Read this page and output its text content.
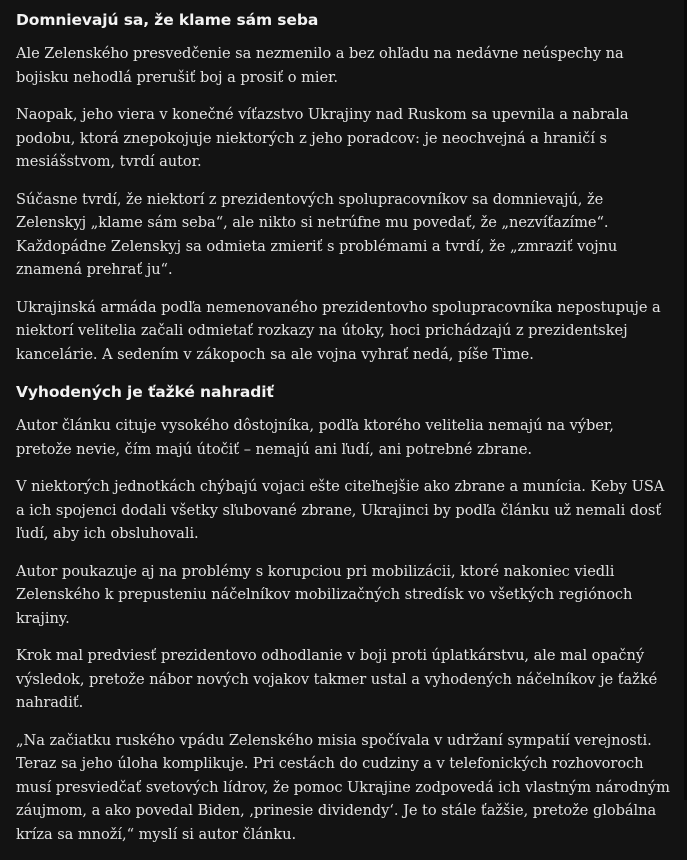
Domnievajú sa, že klame sám seba

Ale Zelenského presvedčenie sa nezmenilo a bez ohľadu na nedávne neúspechy na bojisku nehodlá prerušiť boj a prosiť o mier.

Naopak, jeho viera v konečné víťazstvo Ukrajiny nad Ruskom sa upevnila a nabrala podobu, ktorá znepokojuje niektorých z jeho poradcov: je neochvejná a hraničí s mesiášstvom, tvrdí autor.

Súčasne tvrdí, že niektorí z prezidentových spolupracovníkov sa domnievajú, že Zelenskyj „klame sám seba“, ale nikto si netrúfne mu povedať, že „nezvíťazíme“. Každopádne Zelenskyj sa odmieta zmieriť s problémami a tvrdí, že „zmraziť vojnu znamená prehrať ju“.

Ukrajinská armáda podľa nemenovaného prezidentovho spolupracovníka nepostupuje a niektorí velitelia začali odmietať rozkazy na útoky, hoci prichádzajú z prezidentskej kancelárie. A sedením v zákopoch sa ale vojna vyhrať nedá, píše Time.

Vyhodených je ťažké nahradiť

Autor článku cituje vysokého dôstojníka, podľa ktorého velitelia nemajú na výber, pretože nevie, čím majú útočiť – nemajú ani ľudí, ani potrebné zbrane.

V niektorých jednotkách chýbajú vojaci ešte citeľnejšie ako zbrane a munícia. Keby USA a ich spojenci dodali všetky sľubované zbrane, Ukrajinci by podľa článku už nemali dosť ľudí, aby ich obsluhovali.

Autor poukazuje aj na problémy s korupciou pri mobilizácii, ktoré nakoniec viedli Zelenského k prepusteniu náčelníkov mobilizačných stredísk vo všetkých regiónoch krajiny.

Krok mal predviesť prezidentovo odhodlanie v boji proti úplatkárstvu, ale mal opačný výsledok, pretože nábor nových vojakov takmer ustal a vyhodených náčelníkov je ťažké nahradiť.

„Na začiatku ruského vpádu Zelenského misia spočívala v udržaní sympatií verejnosti. Teraz sa jeho úloha komplikuje. Pri cestách do cudziny a v telefonických rozhovoroch musí presviedčať svetových lídrov, že pomoc Ukrajine zodpovedá ich vlastným národným záujmom, a ako povedal Biden, ‚prinesie dividendy‘. Je to stále ťažšie, pretože globálna kríza sa množí,“ myslí si autor článku.
